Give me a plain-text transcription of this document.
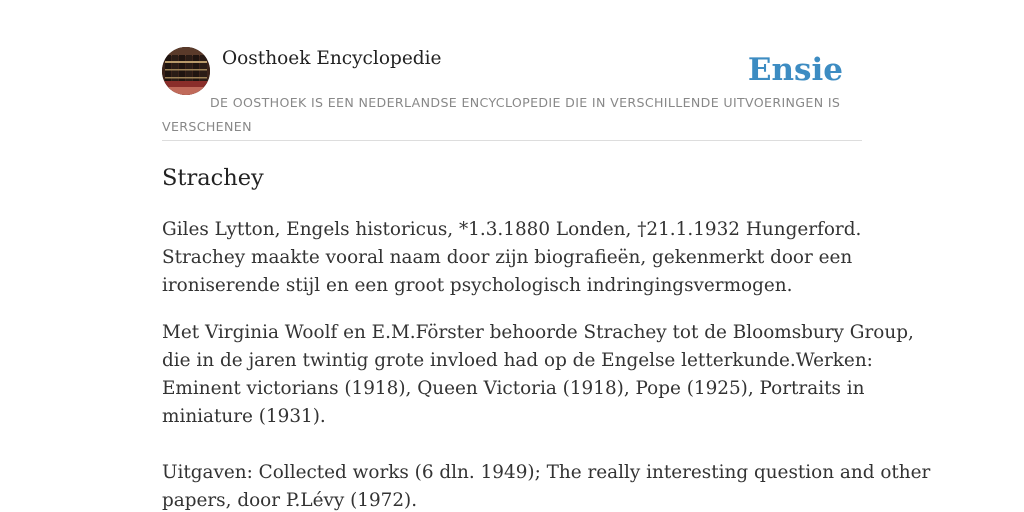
Oosthoek Encyclopedie	Ensie
DE OOSTHOEK IS EEN NEDERLANDSE ENCYCLOPEDIE DIE IN VERSCHILLENDE UITVOERINGEN IS VERSCHENEN
Strachey
Giles Lytton, Engels historicus, *1.3.1880 Londen, †21.1.1932 Hungerford.
Strachey maakte vooral naam door zijn biografieën, gekenmerkt door een
ironiserende stijl en een groot psychologisch indringingsvermogen.
Met Virginia Woolf en E.M.Förster behoorde Strachey tot de Bloomsbury Group,
die in de jaren twintig grote invloed had op de Engelse letterkunde.Werken:
Eminent victorians (1918), Queen Victoria (1918), Pope (1925), Portraits in
miniature (1931).
Uitgaven: Collected works (6 dln. 1949); The really interesting question and other
papers, door P.Lévy (1972).
